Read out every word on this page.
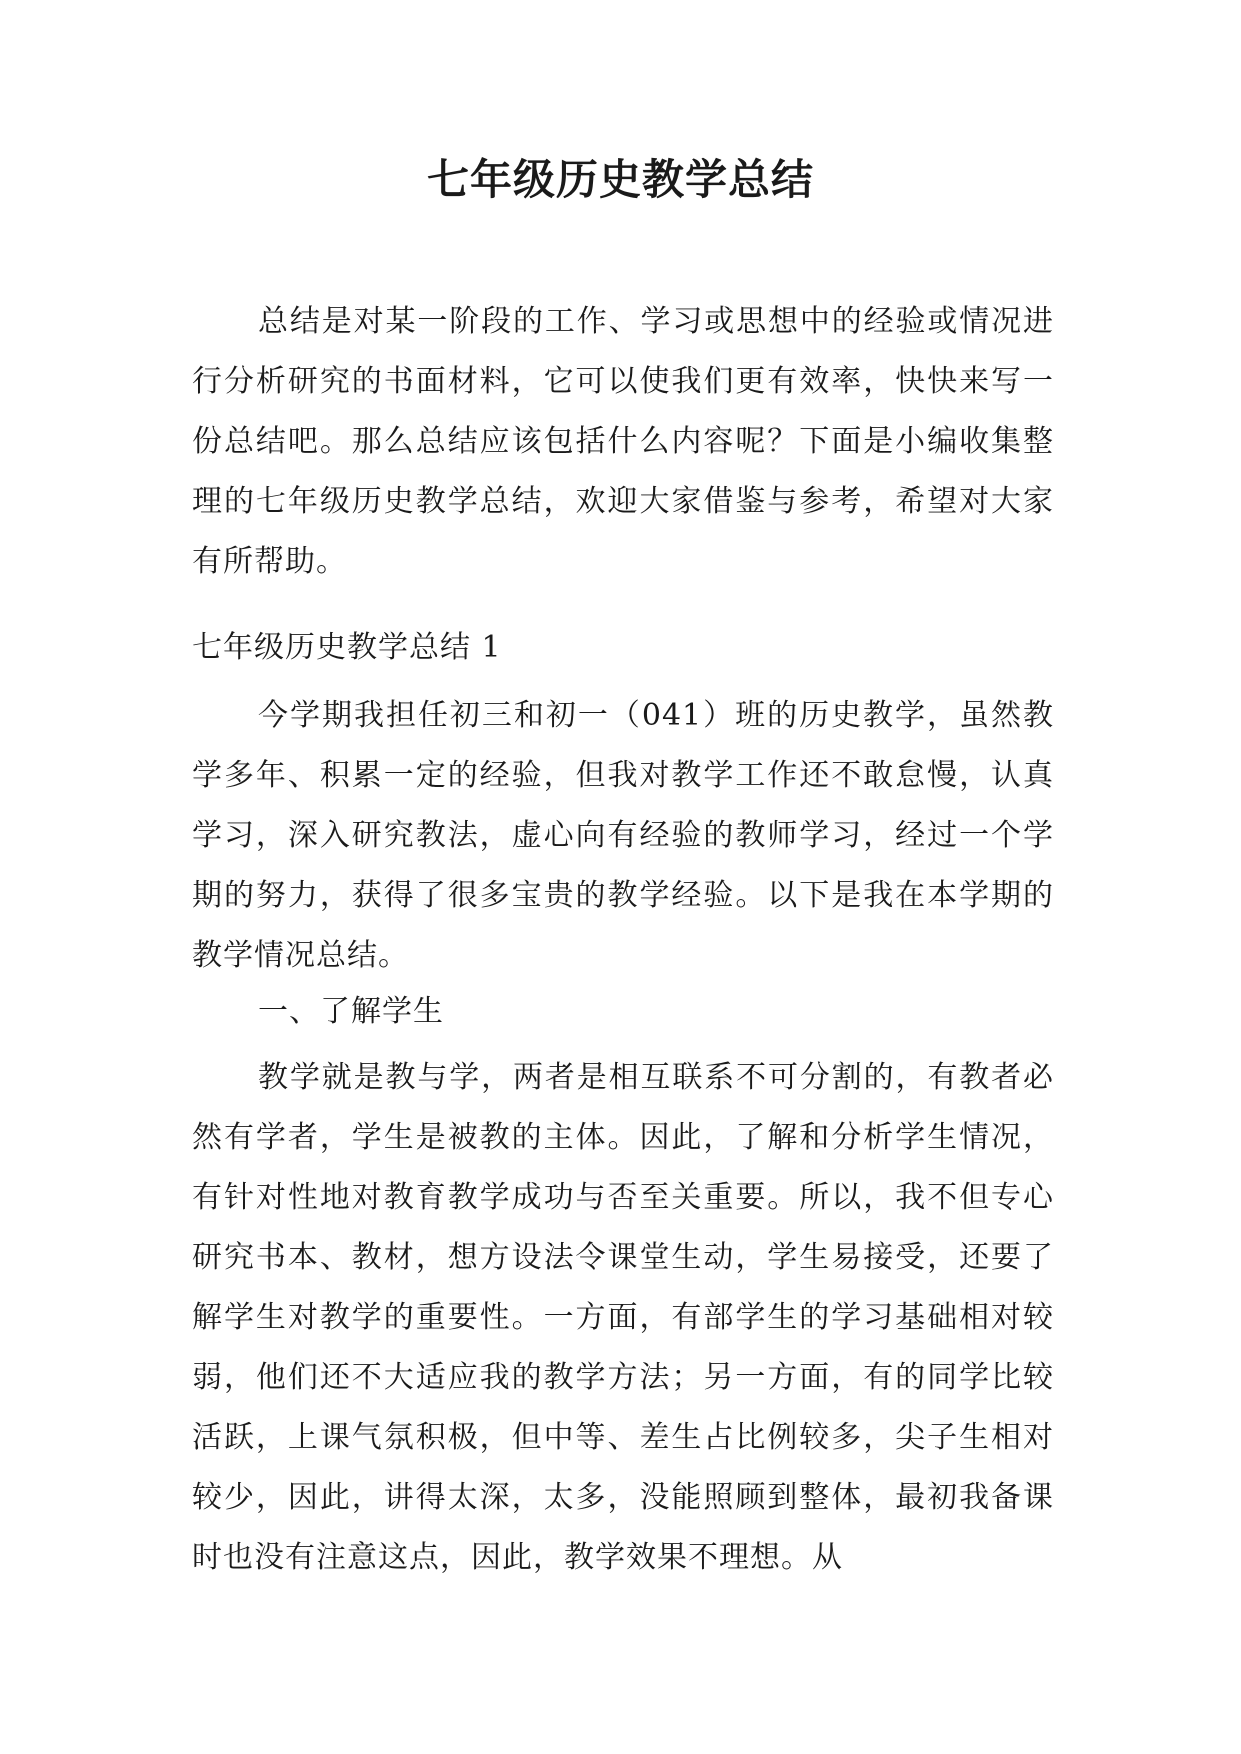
七年级历史教学总结

总结是对某一阶段的工作、学习或思想中的经验或情况进行分析研究的书面材料，它可以使我们更有效率，快快来写一份总结吧。那么总结应该包括什么内容呢？下面是小编收集整理的七年级历史教学总结，欢迎大家借鉴与参考，希望对大家有所帮助。

七年级历史教学总结 1

今学期我担任初三和初一（041）班的历史教学，虽然教学多年、积累一定的经验，但我对教学工作还不敢怠慢，认真学习，深入研究教法，虚心向有经验的教师学习，经过一个学期的努力，获得了很多宝贵的教学经验。以下是我在本学期的教学情况总结。

一、了解学生

教学就是教与学，两者是相互联系不可分割的，有教者必然有学者，学生是被教的主体。因此，了解和分析学生情况，有针对性地对教育教学成功与否至关重要。所以，我不但专心研究书本、教材，想方设法令课堂生动，学生易接受，还要了解学生对教学的重要性。一方面，有部学生的学习基础相对较弱，他们还不大适应我的教学方法；另一方面，有的同学比较活跃，上课气氛积极，但中等、差生占比例较多，尖子生相对较少，因此，讲得太深，太多，没能照顾到整体，最初我备课时也没有注意这点，因此，教学效果不理想。从
